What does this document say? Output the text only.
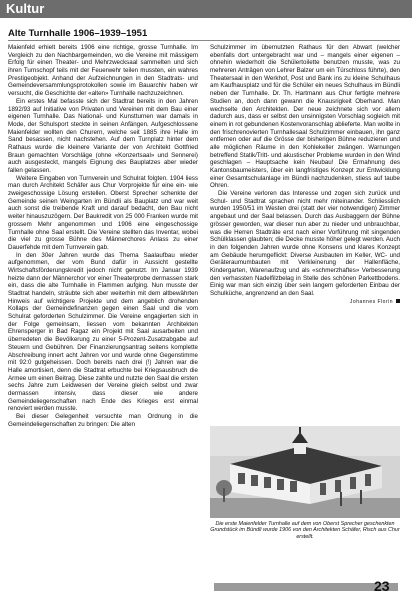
Kultur
Alte Turnhalle 1906–1939–1951

Maienfeld erhielt bereits 1906 eine richtige, grosse Turnhalle. Im Vergleich zu den Nachbargemeinden, wo die Vereine mit mässigem Erfolg für einen Theater- und Mehrzwecksaal sammelten und sich ihren Turnschopf teils mit der Feuerwehr teilen mussten, ein wahres Prestigeobjekt. Anhand der Aufzeichnungen in den Stadtrats- und Gemeindeversammlungsprotokollen sowie im Bauarchiv haben wir versucht, die Geschichte der «alten» Turnhalle nachzuzeichnen.

Ein erstes Mal befasste sich der Stadtrat bereits in den Jahren 1892/93 auf Initiative von Privaten und Vereinen mit dem Bau einer eigenen Turnhalle. Das National- und Kunstturnen war damals in Mode, der Schulsport steckte in seinen Anfängen. Aufgeschlossene Maienfelder wollten den Churern, welche seit 1885 ihre Halle im Sand besassen, nicht nachstehen. Auf dem Turnplatz hinter dem Rathaus wurde die kleinere Variante der von Architekt Gottfried Braun gemachten Vorschläge (ohne «Konzertsaal» und Sennerei) auch ausgesteckt, mangels Eignung des Bauplatzes aber wieder fallen gelassen.

Weitere Eingaben von Turnverein und Schulrat folgten. 1904 liess man durch Architekt Schäfer aus Chur Vorprojekte für eine ein- wie zweigeschossige Lösung erstellen. Oberst Sprecher schenkte der Gemeinde seinen Weingarten im Bündli als Bauplatz und war weit auch sonst die treibende Kraft und darauf bedacht, den Bau nicht weiter hinauszuzögern. Der Baukredit von 25 000 Franken wurde mit grossem Mehr angenommen und 1906 eine eingeschossige Turnhalle ohne Saal erstellt. Die Vereine stellten das Inventar, wobei die viel zu grosse Bühne des Männerchores Anlass zu einer Dauerfehde mit dem Turnverein gab.

In den 30er Jahren wurde das Thema Saalaufbau wieder aufgenommen, der vom Bund dafür in Aussicht gestellte Wirtschaftsförderungskredit jedoch nicht genutzt. Im Januar 1939 heizte dann der Männerchor vor einer Theaterprobe dermassen stark ein, dass die alte Turnhalle in Flammen aufging. Nun musste der Stadtrat handeln, sträubte sich aber weiterhin mit dem altbewährten Hinweis auf wichtigere Projekte und dem angeblich drohenden Kollaps der Gemeindefinanzen gegen einen Saal und die vom Schulrat geforderten Schulzimmer. Die Vereine engagierten sich in der Folge gemeinsam, liessen vom bekannten Architekten Ehrensperger in Bad Ragaz ein Projekt mit Saal ausarbeiten und überredeten die Bevölkerung zu einer 5-Prozent-Zusatzabgabe auf Steuern und Gebühren. Der Finanzierungsantrag seitens komplette Abschreibung innert acht Jahren vor und wurde ohne Gegenstimme mit 92:0 gutgeheissen. Doch bereits nach drei (!) Jahren war die Halle amortisiert, denn die Stadtrat erbuchte bei Kriegsausbruch die Armee um einen Beitrag. Diese zahlte und nutzte den Saal die ersten sechs Jahre zum Leidwesen der Vereine gleich selbst und zwar dermassen intensiv, dass dieser wie andere Gemeindeliegenschaften nach Ende des Krieges erst einmal renoviert werden musste.

Bei dieser Gelegenheit versuchte man Ordnung in die Gemeindeliegenschaften zu bringen: Die alten

Schulzimmer im übernutzten Rathaus für den Abwart (welcher ebenfalls dort untergebracht war und – mangels einer eigenen – ohnehin wiederholt die Schülertoilette benutzen musste, was zu mehreren Anträgen von Lehrer Balzer um ein Türschloss führte), den Theatersaal in den Werkhof, Post und Bank ins zu kleine Schulhaus am Kaufhausplatz und für die Schüler ein neues Schulhaus im Bündli neben der Turnhalle. Dr. Th. Hartmann aus Chur fertigte mehrere Studien an, doch dann gewann die Knausrigkeit Oberhand. Man wechselte den Architekten. Der neue zeichnete sich vor allem dadurch aus, dass er selbst den unsinnigsten Vorschlag sogleich mit einem in rot gebundenen Kostenvoranschlag ablieferte. Man wollte in den frischrenovierten Turnhallesaal Schulzimmer einbauen, ihn ganz entfernen oder auf die Grösse der bisherigen Bühne reduzieren und alle möglichen Räume in den Kohlekeller zwängen. Warnungen betreffend Statik/Tritt- und akustischer Probleme wurden in den Wind geschlagen – Hauptsache kein Neubau! Die Ermahnung des Kantonsbaumeisters, über ein langfristiges Konzept zur Entwicklung einer Gesamtschulanlage im Bündli nachzudenken, stiess auf taube Ohren.

Die Vereine verloren das Interesse und zogen sich zurück und Schul- und Stadtrat sprachen nicht mehr miteinander. Schliesslich wurden 1950/51 im Westen drei (statt der vier notwendigen) Zimmer angebaut und der Saal belassen. Durch das Ausbaggern der Bühne grösser geworden, war dieser nun aber zu nieder und unbrauchbar, was die Herren Stadträte erst nach einer Vorführung mit singenden Schülklassen glaubten; die Decke musste höher gelegt werden. Auch in den folgenden Jahren wurde ohne Konsens und klares Konzept am Gebäude herumgeflickt: Diverse Ausbauten im Keller, WC- und Geräteraumumbauten mit Verkleinerung der Hallenfläche, Kindergarten, Warenaufzug und als «schmerzhaftes» Verbesserung den verhassten Nadelfilzbelag in Stelle des schönen Parkettbodens. Einig war man sich einzig über sein langem geforderten Einbau der Schulküche, angrenzend an den Saal.

Johannes Florin
Die erste Maienfelder Turnhalle auf dem von Oberst Sprecher geschenkten Grundstück im Bündli wurde 1906 von den Architekten Schäfer, Risch aus Chur erstellt.
23
